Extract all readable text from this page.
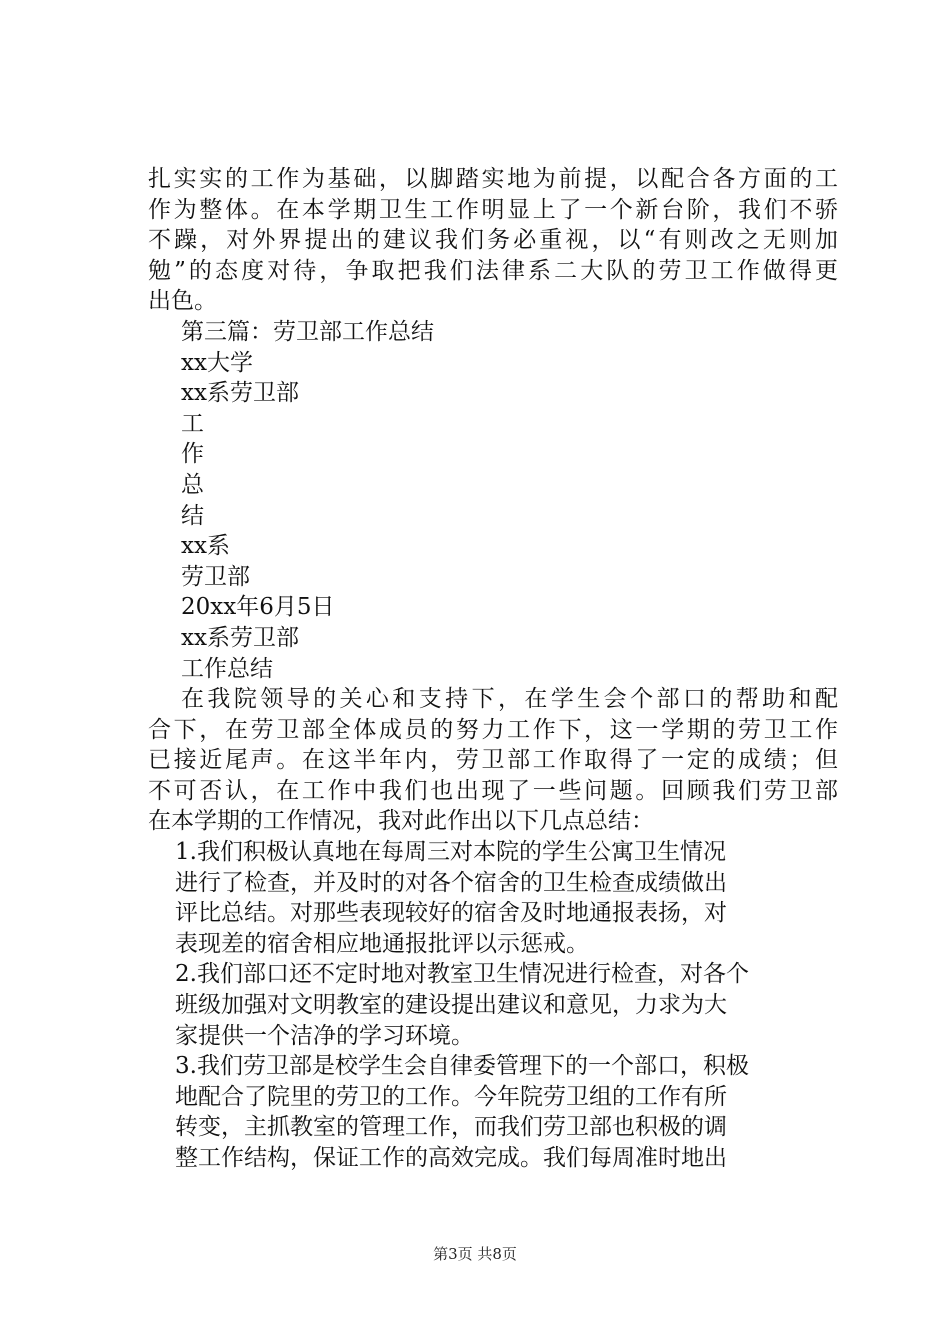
扎实实的工作为基础，以脚踏实地为前提，以配合各方面的工
作为整体。在本学期卫生工作明显上了一个新台阶，我们不骄
不躁，对外界提出的建议我们务必重视，以“有则改之无则加
勉”的态度对待，争取把我们法律系二大队的劳卫工作做得更
出色。
第三篇：劳卫部工作总结
xx大学
xx系劳卫部
工
作
总
结
xx系
劳卫部
20xx年6月5日
xx系劳卫部
工作总结
在我院领导的关心和支持下，在学生会个部口的帮助和配
合下，在劳卫部全体成员的努力工作下，这一学期的劳卫工作
已接近尾声。在这半年内，劳卫部工作取得了一定的成绩；但
不可否认，在工作中我们也出现了一些问题。回顾我们劳卫部
在本学期的工作情况，我对此作出以下几点总结：
1.我们积极认真地在每周三对本院的学生公寓卫生情况
进行了检查，并及时的对各个宿舍的卫生检查成绩做出
评比总结。对那些表现较好的宿舍及时地通报表扬，对
表现差的宿舍相应地通报批评以示惩戒。
2.我们部口还不定时地对教室卫生情况进行检查，对各个
班级加强对文明教室的建设提出建议和意见，力求为大
家提供一个洁净的学习环境。
3.我们劳卫部是校学生会自律委管理下的一个部口，积极
地配合了院里的劳卫的工作。今年院劳卫组的工作有所
转变，主抓教室的管理工作，而我们劳卫部也积极的调
整工作结构，保证工作的高效完成。我们每周准时地出
第3页 共8页
